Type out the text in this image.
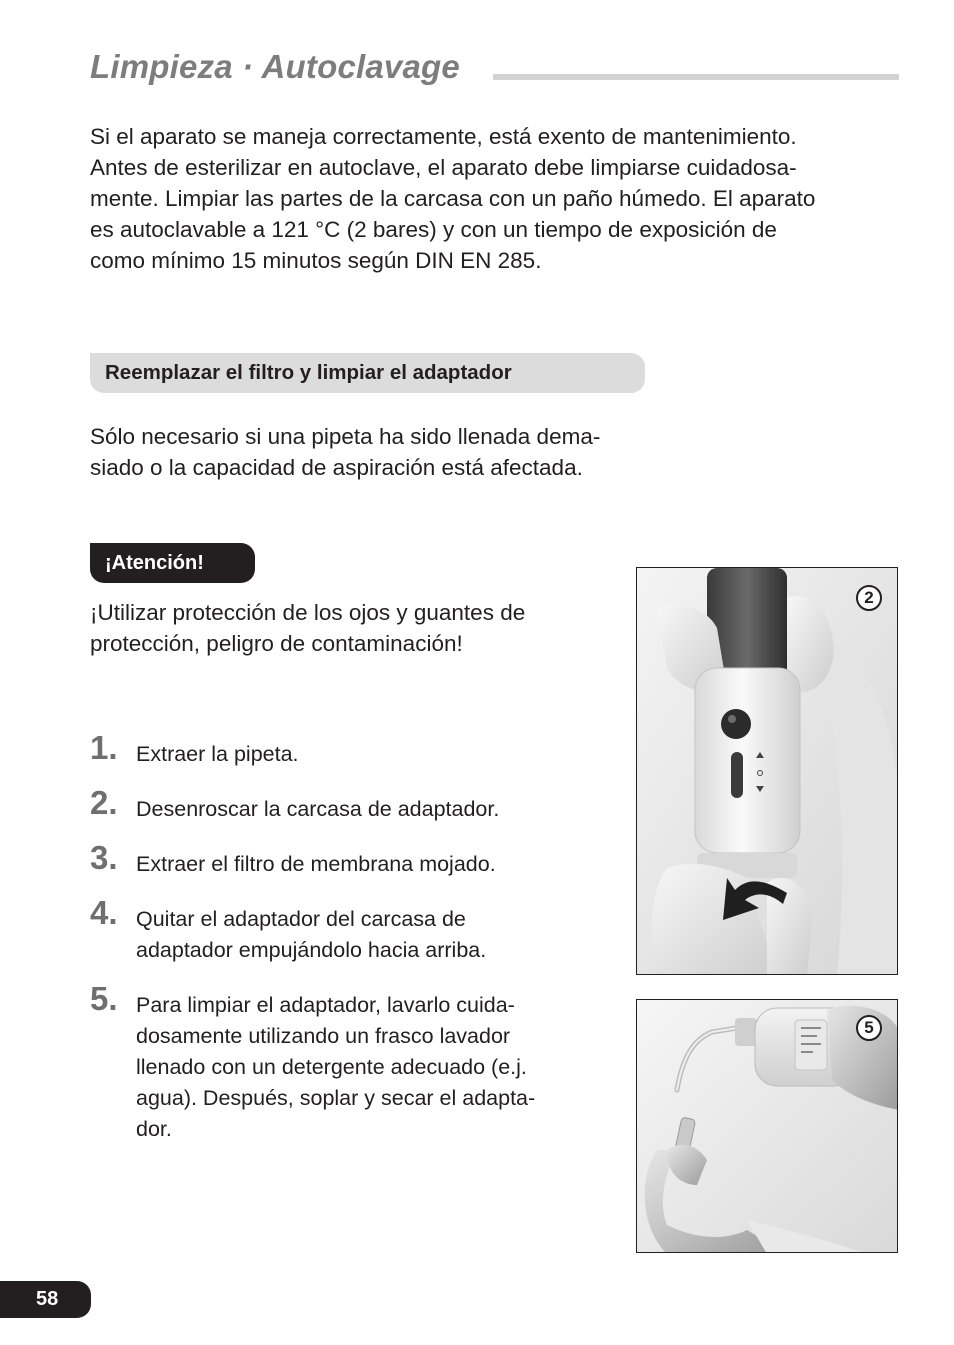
Limpieza · Autoclavage
Si el aparato se maneja correctamente, está exento de mantenimiento.
Antes de esterilizar en autoclave, el aparato debe limpiarse cuidadosa-
mente. Limpiar las partes de la carcasa con un paño húmedo. El aparato
es autoclavable a 121 °C (2 bares) y con un tiempo de exposición de
como mínimo 15 minutos según DIN EN 285.
Reemplazar el filtro y limpiar el adaptador
Sólo necesario si una pipeta ha sido llenada dema-
siado o la capacidad de aspiración está afectada.
¡Atención!
¡Utilizar protección de los ojos y guantes de
protección, peligro de contaminación!
1. Extraer la pipeta.

2. Desenroscar la carcasa de adaptador.

3. Extraer el filtro de membrana mojado.

4. Quitar el adaptador del carcasa de
adaptador empujándolo hacia arriba.

5. Para limpiar el adaptador, lavarlo cuida-
dosamente utilizando un frasco lavador
llenado con un detergente adecuado (e.j.
agua). Después, soplar y secar el adapta-
dor.

2
5
58
